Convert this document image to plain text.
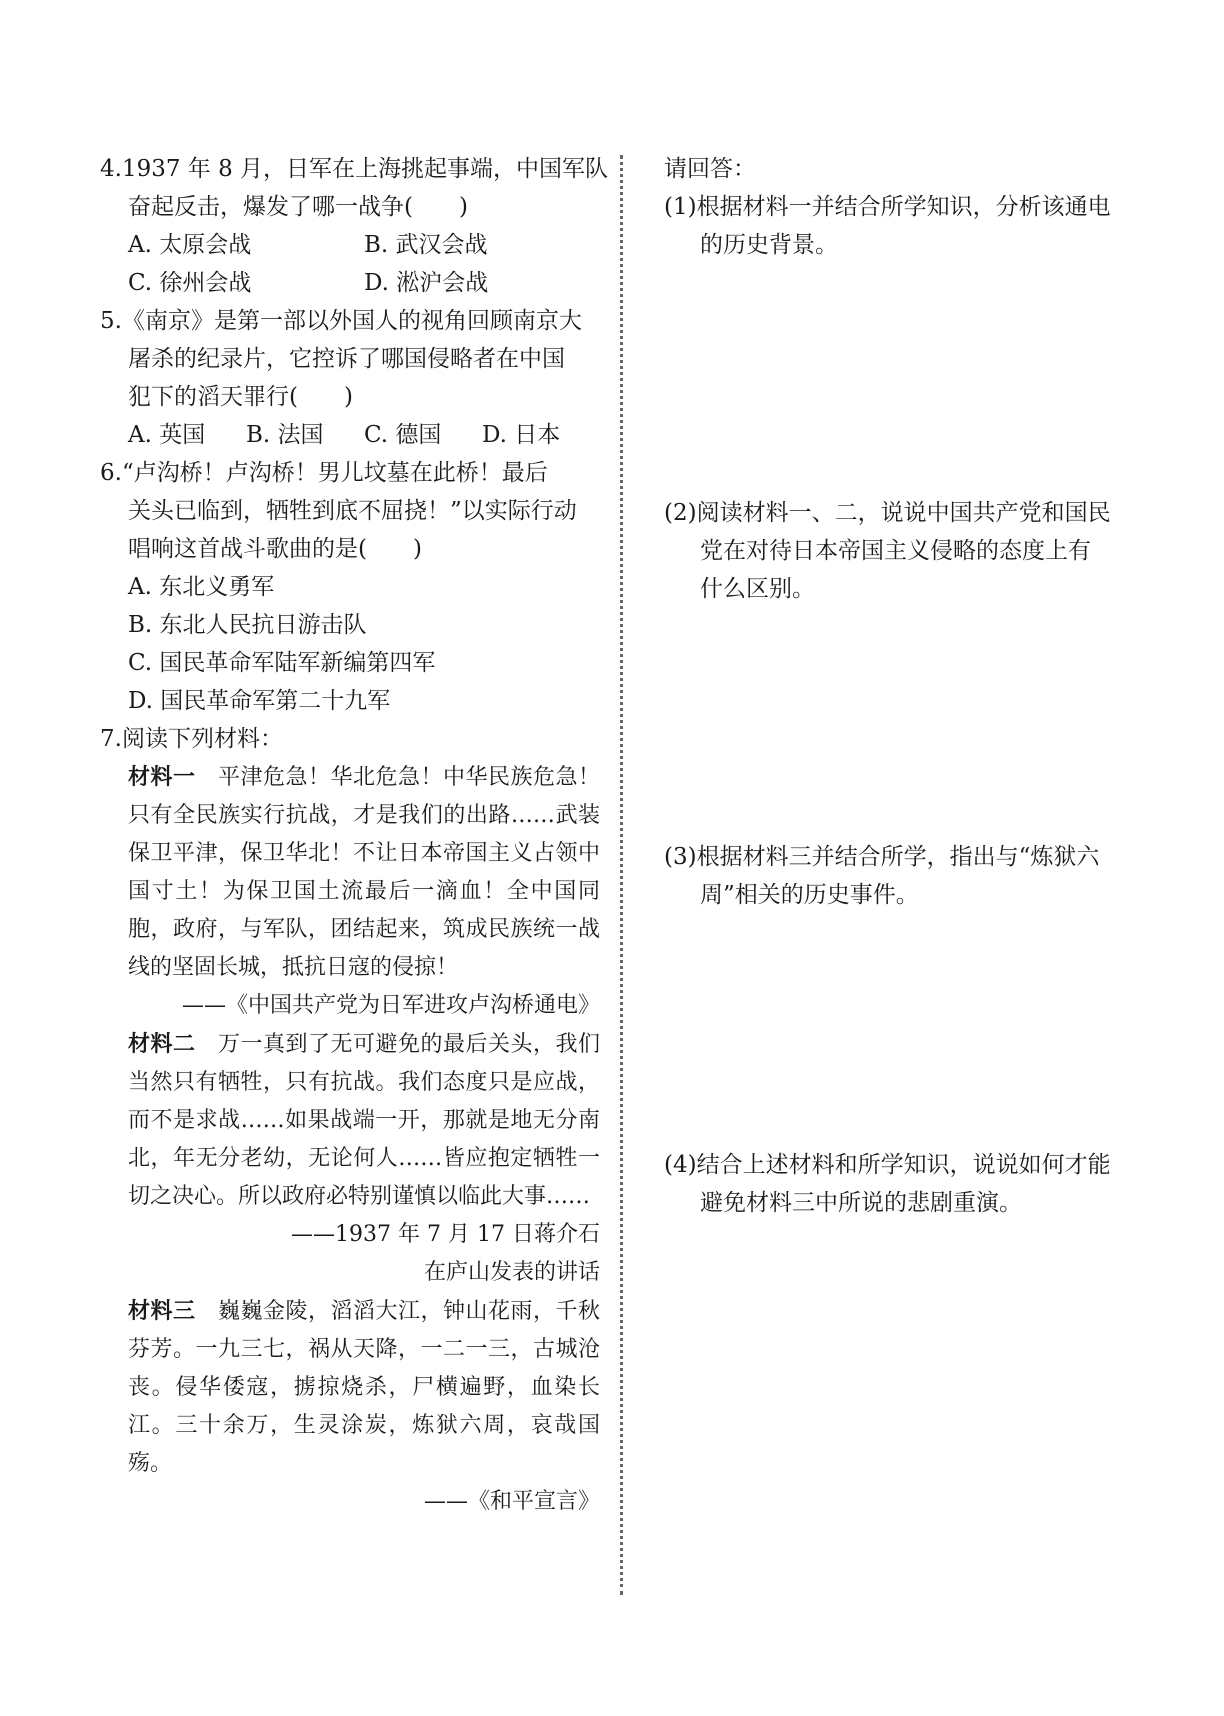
4.1937 年 8 月，日军在上海挑起事端，中国军队
奋起反击，爆发了哪一战争(　　)
A. 太原会战	B. 武汉会战
C. 徐州会战	D. 淞沪会战
5.《南京》是第一部以外国人的视角回顾南京大
屠杀的纪录片，它控诉了哪国侵略者在中国
犯下的滔天罪行(　　)
A. 英国	B. 法国	C. 德国	D. 日本
6.“卢沟桥！卢沟桥！男儿坟墓在此桥！最后
关头已临到，牺牲到底不屈挠！”以实际行动
唱响这首战斗歌曲的是(　　)
A. 东北义勇军
B. 东北人民抗日游击队
C. 国民革命军陆军新编第四军
D. 国民革命军第二十九军
7.阅读下列材料：
材料一　平津危急！华北危急！中华民族危急！只有全民族实行抗战，才是我们的出路……武装保卫平津，保卫华北！不让日本帝国主义占领中国寸土！为保卫国土流最后一滴血！全中国同胞，政府，与军队，团结起来，筑成民族统一战线的坚固长城，抵抗日寇的侵掠！
——《中国共产党为日军进攻卢沟桥通电》
材料二　万一真到了无可避免的最后关头，我们当然只有牺牲，只有抗战。我们态度只是应战，而不是求战……如果战端一开，那就是地无分南北，年无分老幼，无论何人……皆应抱定牺牲一切之决心。所以政府必特别谨慎以临此大事……
——1937 年 7 月 17 日蒋介石
在庐山发表的讲话
材料三　巍巍金陵，滔滔大江，钟山花雨，千秋芬芳。一九三七，祸从天降，一二一三，古城沧丧。侵华倭寇，掳掠烧杀，尸横遍野，血染长江。三十余万，生灵涂炭，炼狱六周，哀哉国殇。
——《和平宣言》
请回答：
(1)根据材料一并结合所学知识，分析该通电
的历史背景。
(2)阅读材料一、二，说说中国共产党和国民
党在对待日本帝国主义侵略的态度上有
什么区别。
(3)根据材料三并结合所学，指出与“炼狱六
周”相关的历史事件。
(4)结合上述材料和所学知识，说说如何才能
避免材料三中所说的悲剧重演。
